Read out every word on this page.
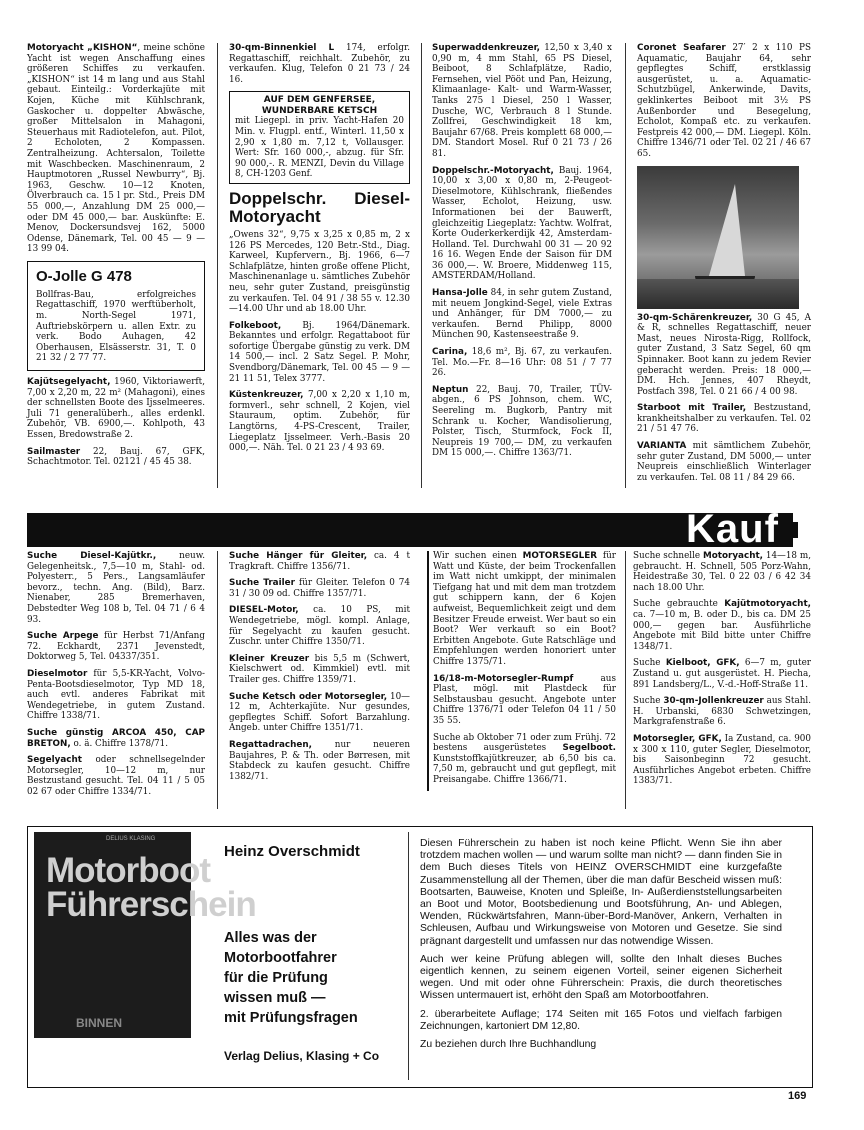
Motoryacht „KISHON“, meine schöne Yacht ist wegen Anschaffung eines größeren Schiffes zu verkaufen. „KISHON“ ist 14 m lang und aus Stahl gebaut. Einteilg.: Vorderkajüte mit Kojen, Küche mit Kühlschrank, Gaskocher u. doppelter Abwäsche, großer Mittelsalon in Mahagoni, Steuerhaus mit Radiotelefon, aut. Pilot, 2 Echoloten, 2 Kompassen. Zentralheizung. Achtersalon, Toilette mit Waschbecken. Maschinenraum, 2 Hauptmotoren „Russel Newburry“, Bj. 1963, Geschw. 10—12 Knoten, Ölverbrauch ca. 15 l pr. Std., Preis DM 55 000,—, Anzahlung DM 25 000,— oder DM 45 000,— bar. Auskünfte: E. Menov, Dockersundsvej 162, 5000 Odense, Dänemark, Tel. 00 45 — 9 — 13 99 04.

O-Jolle G 478
Bollfras-Bau, erfolgreiches Regattaschiff, 1970 werftüberholt, m. North-Segel 1971, Auftriebskörpern u. allen Extr. zu verk. Bodo Auhagen, 42 Oberhausen, Elsässerstr. 31, T. 0 21 32 / 2 77 77.

Kajütsegelyacht, 1960, Viktoriawerft, 7,00 x 2,20 m, 22 m² (Mahagoni), eines der schnellsten Boote des Ijsselmeeres. Juli 71 generalüberh., alles erdenkl. Zubehör, VB. 6900,—. Kohlpoth, 43 Essen, Bredowstraße 2.

Sailmaster 22, Bauj. 67, GFK, Schachtmotor. Tel. 02121 / 45 45 38.

30-qm-Binnenkiel L 174, erfolgr. Regattaschiff, reichhalt. Zubehör, zu verkaufen. Klug, Telefon 0 21 73 / 24 16.

AUF DEM GENFERSEE, WUNDERBARE KETSCH
mit Liegepl. in priv. Yacht-Hafen 20 Min. v. Flugpl. entf., Winterl. 11,50 x 2,90 x 1,80 m. 7,12 t, Vollausger. Wert: Sfr. 160 000,-, abzug. für Sfr. 90 000,-. R. MENZI, Devin du Village 8, CH-1203 Genf.
Doppelschr. Diesel-Motoryacht

„Owens 32“, 9,75 x 3,25 x 0,85 m, 2 x 126 PS Mercedes, 120 Betr.-Std., Diag. Karweel, Kupfervern., Bj. 1966, 6—7 Schlafplätze, hinten große offene Plicht, Maschinenanlage u. sämtliches Zubehör neu, sehr guter Zustand, preisgünstig zu verkaufen. Tel. 04 91 / 38 55 v. 12.30—14.00 Uhr und ab 18.00 Uhr.

Folkeboot, Bj. 1964/Dänemark. Bekanntes und erfolgr. Regattaboot für sofortige Übergabe günstig zu verk. DM 14 500,— incl. 2 Satz Segel. P. Mohr, Svendborg/Dänemark, Tel. 00 45 — 9 — 21 11 51, Telex 3777.

Küstenkreuzer, 7,00 x 2,20 x 1,10 m, formverl., sehr schnell, 2 Kojen, viel Stauraum, optim. Zubehör, für Langtörns, 4-PS-Crescent, Trailer, Liegeplatz Ijsselmeer. Verh.-Basis 20 000,—. Näh. Tel. 0 21 23 / 4 93 69.

Superwaddenkreuzer, 12,50 x 3,40 x 0,90 m, 4 mm Stahl, 65 PS Diesel, Beiboot, 8 Schlafplätze, Radio, Fernsehen, viel Pööt und Pan, Heizung, Klimaanlage- Kalt- und Warm-Wasser, Tanks 275 l Diesel, 250 l Wasser, Dusche, WC, Verbrauch 8 l Stunde. Zollfrei, Geschwindigkeit 18 km, Baujahr 67/68. Preis komplett 68 000,— DM. Standort Mosel. Ruf 0 21 73 / 26 81.

Doppelschr.-Motoryacht, Bauj. 1964, 10,00 x 3,00 x 0,80 m, 2-Peugeot-Dieselmotore, Kühlschrank, fließendes Wasser, Echolot, Heizung, usw. Informationen bei der Bauwerft, gleichzeitig Liegeplatz: Yachtw. Wolfrat, Korte Ouderkerkerdijk 42, Amsterdam-Holland. Tel. Durchwahl 00 31 — 20 92 16 16. Wegen Ende der Saison für DM 36 000,—. W. Broere, Middenweg 115, AMSTERDAM/Holland.

Hansa-Jolle 84, in sehr gutem Zustand, mit neuem Jongkind-Segel, viele Extras und Anhänger, für DM 7000,— zu verkaufen. Bernd Philipp, 8000 München 90, Kastenseestraße 9.

Carina, 18,6 m², Bj. 67, zu verkaufen. Tel. Mo.—Fr. 8—16 Uhr: 08 51 / 7 77 26.

Neptun 22, Bauj. 70, Trailer, TÜV-abgen., 6 PS Johnson, chem. WC, Seereling m. Bugkorb, Pantry mit Schrank u. Kocher, Wandisolierung, Polster, Tisch, Sturmfock, Fock II, Neupreis 19 700,— DM, zu verkaufen DM 15 000,—. Chiffre 1363/71.

Coronet Seafarer 27′ 2 x 110 PS Aquamatic, Baujahr 64, sehr gepflegtes Schiff, erstklassig ausgerüstet, u. a. Aquamatic-Schutzbügel, Ankerwinde, Davits, geklinkertes Beiboot mit 3½ PS Außenborder und Besegelung, Echolot, Kompaß etc. zu verkaufen. Festpreis 42 000,— DM. Liegepl. Köln. Chiffre 1346/71 oder Tel. 02 21 / 46 67 65.

30-qm-Schärenkreuzer, 30 G 45, A & R, schnelles Regattaschiff, neuer Mast, neues Nirosta-Rigg, Rollfock, guter Zustand, 3 Satz Segel, 60 qm Spinnaker. Boot kann zu jedem Revier geberacht werden. Preis: 18 000,— DM. Hch. Jennes, 407 Rheydt, Postfach 398, Tel. 0 21 66 / 4 00 98.

Starboot mit Trailer, Bestzustand, krankheitshalber zu verkaufen. Tel. 02 21 / 51 47 76.

VARIANTA mit sämtlichem Zubehör, sehr guter Zustand, DM 5000,— unter Neupreis einschließlich Winterlager zu verkaufen. Tel. 08 11 / 84 29 66.

Kauf

Suche Diesel-Kajütkr., neuw. Gelegenheitsk., 7,5—10 m, Stahl- od. Polyesterr., 5 Pers., Langsamläufer bevorz., techn. Ang. (Bild), Barz. Nienaber, 285 Bremerhaven, Debstedter Weg 108 b, Tel. 04 71 / 6 4 93.

Suche Arpege für Herbst 71/Anfang 72. Eckhardt, 2371 Jevenstedt, Doktorweg 5, Tel. 04337/351.

Dieselmotor für 5,5-KR-Yacht, Volvo-Penta-Bootsdieselmotor, Typ MD 18, auch evtl. anderes Fabrikat mit Wendegetriebe, in gutem Zustand. Chiffre 1338/71.

Suche günstig ARCOA 450, CAP BRETON, o. ä. Chiffre 1378/71.

Segelyacht oder schnellsegelnder Motorsegler, 10—12 m, nur Bestzustand gesucht. Tel. 04 11 / 5 05 02 67 oder Chiffre 1334/71.

Suche Hänger für Gleiter, ca. 4 t Tragkraft. Chiffre 1356/71.

Suche Trailer für Gleiter. Telefon 0 74 31 / 30 09 od. Chiffre 1357/71.

DIESEL-Motor, ca. 10 PS, mit Wendegetriebe, mögl. kompl. Anlage, für Segelyacht zu kaufen gesucht. Zuschr. unter Chiffre 1350/71.

Kleiner Kreuzer bis 5,5 m (Schwert, Kielschwert od. Kimmkiel) evtl. mit Trailer ges. Chiffre 1359/71.

Suche Ketsch oder Motorsegler, 10—12 m, Achterkajüte. Nur gesundes, gepflegtes Schiff. Sofort Barzahlung. Angeb. unter Chiffre 1351/71.

Regattadrachen, nur neueren Baujahres, P. & Th. oder Børresen, mit Stabdeck zu kaufen gesucht. Chiffre 1382/71.

Wir suchen einen MOTORSEGLER für Watt und Küste, der beim Trockenfallen im Watt nicht umkippt, der minimalen Tiefgang hat und mit dem man trotzdem gut schippern kann, der 6 Kojen aufweist, Bequemlichkeit zeigt und dem Besitzer Freude erweist. Wer baut so ein Boot? Wer verkauft so ein Boot? Erbitten Angebote. Gute Ratschläge und Empfehlungen werden honoriert unter Chiffre 1375/71.

16/18-m-Motorsegler-Rumpf aus Plast, mögl. mit Plastdeck für Selbstausbau gesucht. Angebote unter Chiffre 1376/71 oder Telefon 04 11 / 50 35 55.

Suche ab Oktober 71 oder zum Frühj. 72 bestens ausgerüstetes Segelboot. Kunststoffkajütkreuzer, ab 6,50 bis ca. 7,50 m, gebraucht und gut gepflegt, mit Preisangabe. Chiffre 1366/71.

Suche schnelle Motoryacht, 14—18 m, gebraucht. H. Schnell, 505 Porz-Wahn, Heidestraße 30, Tel. 0 22 03 / 6 42 34 nach 18.00 Uhr.

Suche gebrauchte Kajütmotoryacht, ca. 7—10 m, B. oder D., bis ca. DM 25 000,— gegen bar. Ausführliche Angebote mit Bild bitte unter Chiffre 1348/71.

Suche Kielboot, GFK, 6—7 m, guter Zustand u. gut ausgerüstet. H. Piecha, 891 Landsberg/L., V.-d.-Hoff-Straße 11.

Suche 30-qm-Jollenkreuzer aus Stahl. H. Urbanski, 6830 Schwetzingen, Markgrafenstraße 6.

Motorsegler, GFK, Ia Zustand, ca. 900 x 300 x 110, guter Segler, Dieselmotor, bis Saisonbeginn 72 gesucht. Ausführliches Angebot erbeten. Chiffre 1383/71.

DELIUS KLASING
Motorboot Führerschein
BINNEN
Heinz Overschmidt
Alles was der
Motorbootfahrer
für die Prüfung
wissen muß —
mit Prüfungsfragen
Verlag Delius, Klasing + Co

Diesen Führerschein zu haben ist noch keine Pflicht. Wenn Sie ihn aber trotzdem machen wollen — und warum sollte man nicht? — dann finden Sie in dem Buch dieses Titels von HEINZ OVERSCHMIDT eine kurzgefaßte Zusammenstellung all der Themen, über die man dafür Bescheid wissen muß: Bootsarten, Bauweise, Knoten und Spleiße, In- Außerdienststellungsarbeiten an Boot und Motor, Bootsbedienung und Bootsführung, An- und Ablegen, Wenden, Rückwärtsfahren, Mann-über-Bord-Manöver, Ankern, Verhalten in Schleusen, Aufbau und Wirkungsweise von Motoren und Gesetze. Sie sind prägnant dargestellt und umfassen nur das notwendige Wissen.

Auch wer keine Prüfung ablegen will, sollte den Inhalt dieses Buches eigentlich kennen, zu seinem eigenen Vorteil, seiner eigenen Sicherheit wegen. Und mit oder ohne Führerschein: Praxis, die durch theoretisches Wissen untermauert ist, erhöht den Spaß am Motorbootfahren.

2. überarbeitete Auflage; 174 Seiten mit 165 Fotos und vielfach farbigen Zeichnungen, kartoniert DM 12,80.

Zu beziehen durch Ihre Buchhandlung

169
